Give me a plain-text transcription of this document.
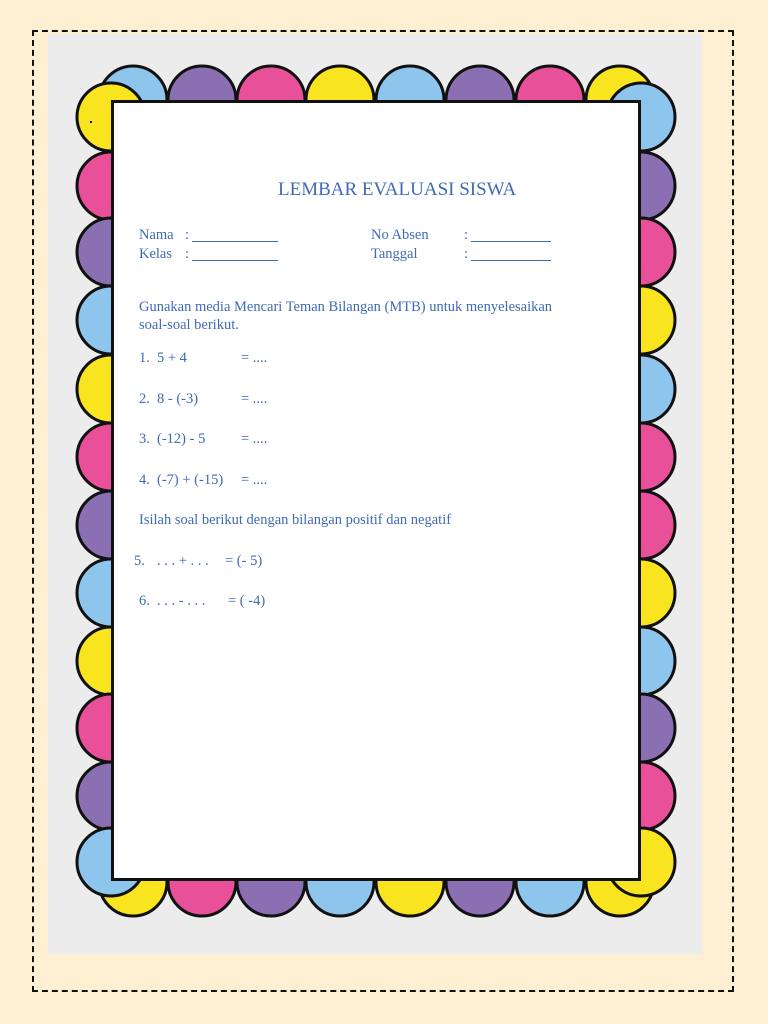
LEMBAR EVALUASI SISWA
Nama :
Kelas :
No Absen :
Tanggal	:
Gunakan media Mencari Teman Bilangan (MTB) untuk menyelesaikan
soal-soal berikut.
1. 5 + 4	= ....
2. 8 - (-3)	= ....
3. (-12) - 5 = ....
4. (-7) + (-15) = ....
Isilah soal berikut dengan bilangan positif dan negatif
5. . . . + . . . = (- 5)
6. . . . - . . . = ( -4)
